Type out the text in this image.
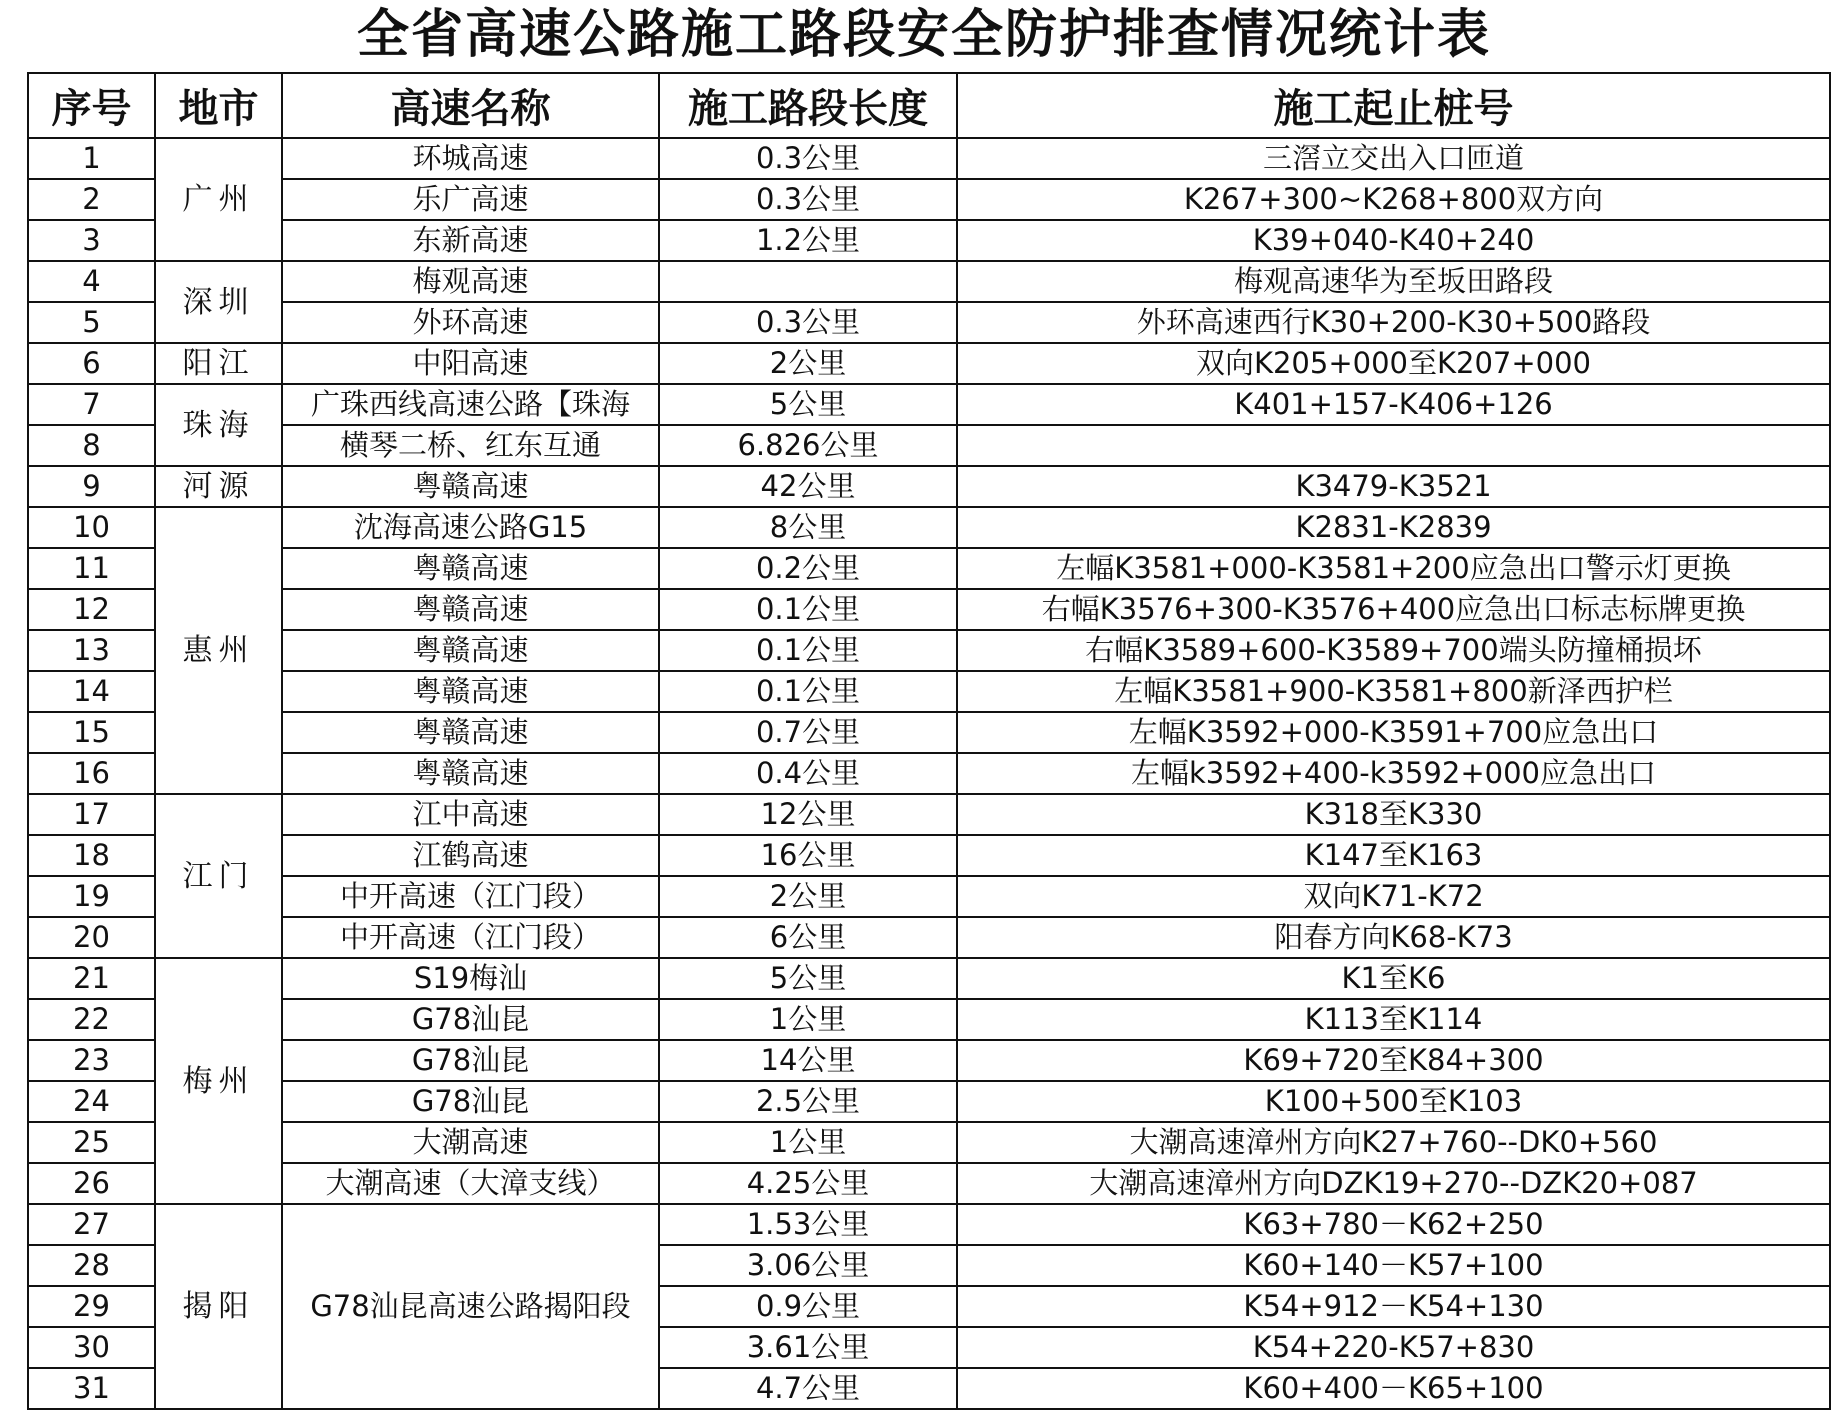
全省高速公路施工路段安全防护排查情况统计表
序号	地市	高速名称	施工路段长度	施工起止桩号
1	广州	环城高速	0.3公里	三滘立交出入口匝道
2		乐广高速	0.3公里	K267+300~K268+800双方向
3		东新高速	1.2公里	K39+040-K40+240
4	深圳	梅观高速		梅观高速华为至坂田路段
5		外环高速	0.3公里	外环高速西行K30+200-K30+500路段
6	阳江	中阳高速	2公里	双向K205+000至K207+000
7	珠海	广珠西线高速公路【珠海	5公里	K401+157-K406+126
8		横琴二桥、红东互通	6.826公里	
9	河源	粤赣高速	42公里	K3479-K3521
10	惠州	沈海高速公路G15	8公里	K2831-K2839
11		粤赣高速	0.2公里	左幅K3581+000-K3581+200应急出口警示灯更换
12		粤赣高速	0.1公里	右幅K3576+300-K3576+400应急出口标志标牌更换
13		粤赣高速	0.1公里	右幅K3589+600-K3589+700端头防撞桶损坏
14		粤赣高速	0.1公里	左幅K3581+900-K3581+800新泽西护栏
15		粤赣高速	0.7公里	左幅K3592+000-K3591+700应急出口
16		粤赣高速	0.4公里	左幅k3592+400-k3592+000应急出口
17	江门	江中高速	12公里	K318至K330
18		江鹤高速	16公里	K147至K163
19		中开高速（江门段）	2公里	双向K71-K72
20		中开高速（江门段）	6公里	阳春方向K68-K73
21	梅州	S19梅汕	5公里	K1至K6
22		G78汕昆	1公里	K113至K114
23		G78汕昆	14公里	K69+720至K84+300
24		G78汕昆	2.5公里	K100+500至K103
25		大潮高速	1公里	大潮高速漳州方向K27+760--DK0+560
26		大潮高速（大漳支线）	4.25公里	大潮高速漳州方向DZK19+270--DZK20+087
27	揭阳	G78汕昆高速公路揭阳段	1.53公里	K63+780－K62+250
28			3.06公里	K60+140－K57+100
29			0.9公里	K54+912－K54+130
30			3.61公里	K54+220-K57+830
31			4.7公里	K60+400－K65+100
